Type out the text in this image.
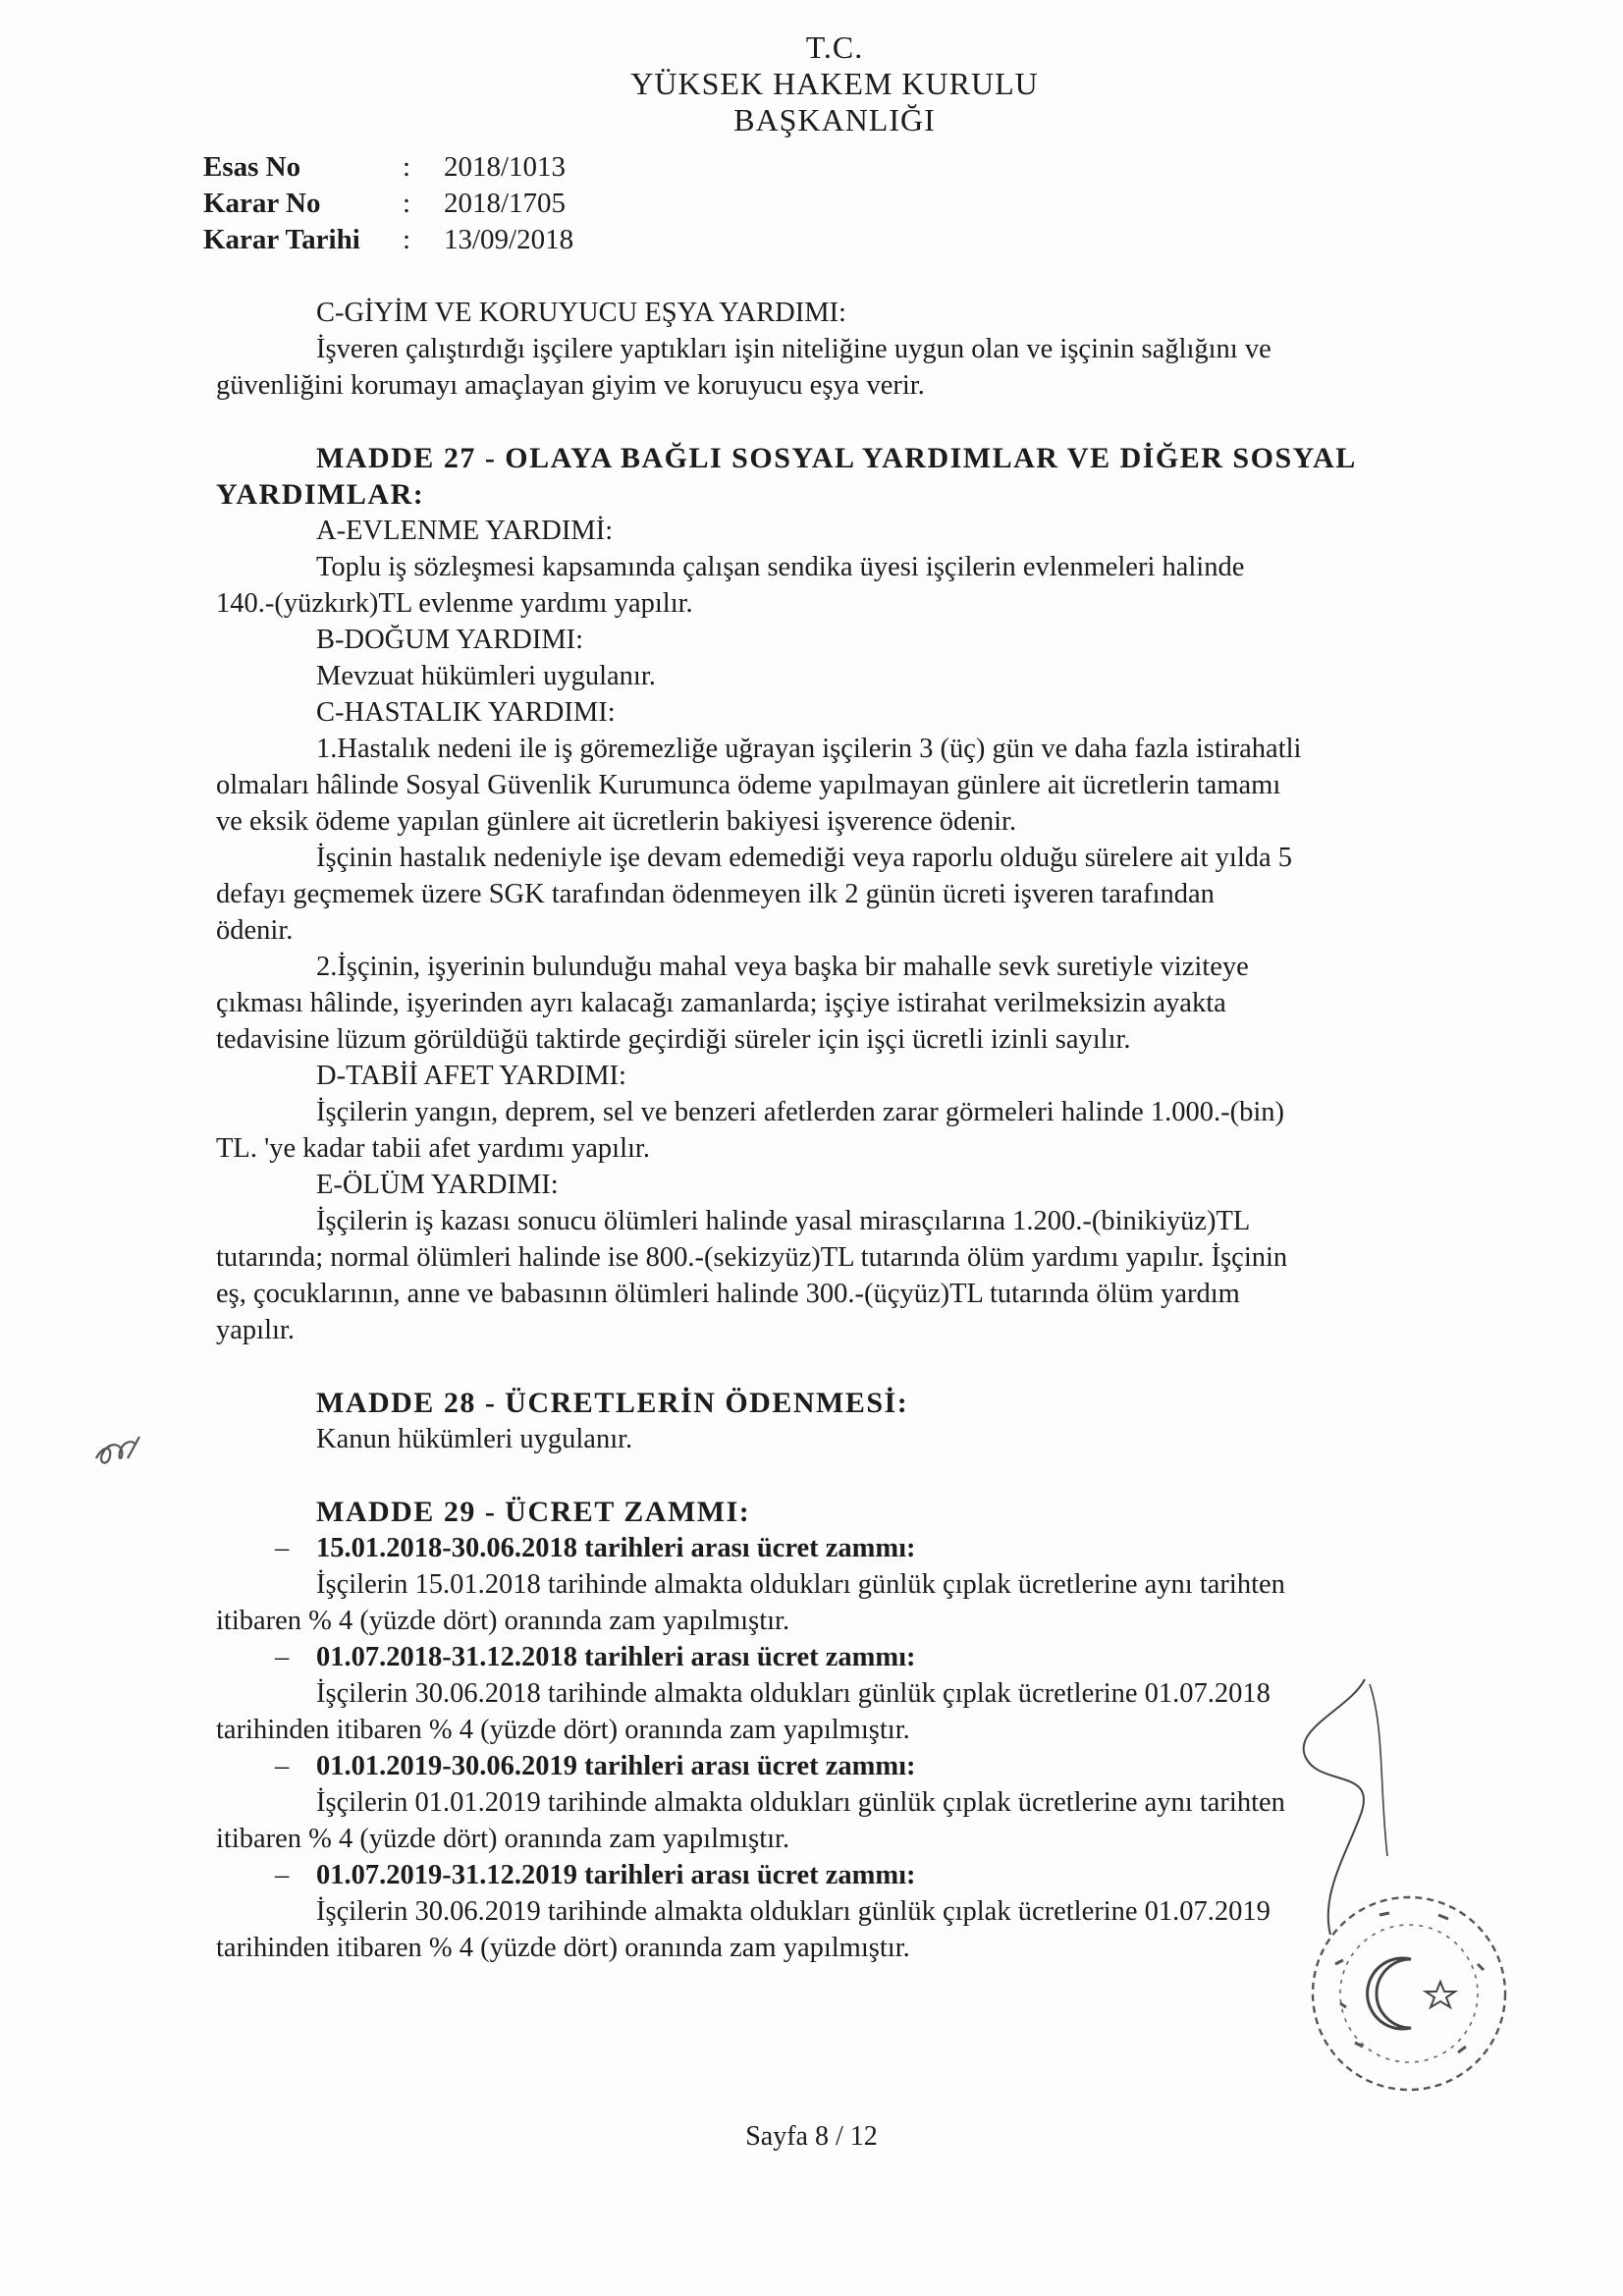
T.C.
YÜKSEK HAKEM KURULU
BAŞKANLIĞI
Esas No	:	2018/1013
Karar No	:	2018/1705
Karar Tarihi	:	13/09/2018

C-GİYİM VE KORUYUCU EŞYA YARDIMI:

İşveren çalıştırdığı işçilere yaptıkları işin niteliğine uygun olan ve işçinin sağlığını ve

güvenliğini korumayı amaçlayan giyim ve koruyucu eşya verir.

MADDE 27 - OLAYA BAĞLI SOSYAL YARDIMLAR VE DİĞER SOSYAL

YARDIMLAR:

A-EVLENME YARDIMİ:

Toplu iş sözleşmesi kapsamında çalışan sendika üyesi işçilerin evlenmeleri halinde

140.-(yüzkırk)TL evlenme yardımı yapılır.

B-DOĞUM YARDIMI:

Mevzuat hükümleri uygulanır.

C-HASTALIK YARDIMI:

1.Hastalık nedeni ile iş göremezliğe uğrayan işçilerin 3 (üç) gün ve daha fazla istirahatli

olmaları hâlinde Sosyal Güvenlik Kurumunca ödeme yapılmayan günlere ait ücretlerin tamamı

ve eksik ödeme yapılan günlere ait ücretlerin bakiyesi işverence ödenir.

İşçinin hastalık nedeniyle işe devam edemediği veya raporlu olduğu sürelere ait yılda 5

defayı geçmemek üzere SGK tarafından ödenmeyen ilk 2 günün ücreti işveren tarafından

ödenir.

2.İşçinin, işyerinin bulunduğu mahal veya başka bir mahalle sevk suretiyle viziteye

çıkması hâlinde, işyerinden ayrı kalacağı zamanlarda; işçiye istirahat verilmeksizin ayakta

tedavisine lüzum görüldüğü taktirde geçirdiği süreler için işçi ücretli izinli sayılır.

D-TABİİ AFET YARDIMI:

İşçilerin yangın, deprem, sel ve benzeri afetlerden zarar görmeleri halinde 1.000.-(bin)

TL. 'ye kadar tabii afet yardımı yapılır.

E-ÖLÜM YARDIMI:

İşçilerin iş kazası sonucu ölümleri halinde yasal mirasçılarına 1.200.-(binikiyüz)TL

tutarında; normal ölümleri halinde ise 800.-(sekizyüz)TL tutarında ölüm yardımı yapılır. İşçinin

eş, çocuklarının, anne ve babasının ölümleri halinde 300.-(üçyüz)TL tutarında ölüm yardım

yapılır.

MADDE 28 - ÜCRETLERİN ÖDENMESİ:

Kanun hükümleri uygulanır.

MADDE 29 - ÜCRET ZAMMI:

– 15.01.2018-30.06.2018 tarihleri arası ücret zammı:

İşçilerin 15.01.2018 tarihinde almakta oldukları günlük çıplak ücretlerine aynı tarihten

itibaren % 4 (yüzde dört) oranında zam yapılmıştır.

– 01.07.2018-31.12.2018 tarihleri arası ücret zammı:

İşçilerin 30.06.2018 tarihinde almakta oldukları günlük çıplak ücretlerine 01.07.2018

tarihinden itibaren % 4 (yüzde dört) oranında zam yapılmıştır.

– 01.01.2019-30.06.2019 tarihleri arası ücret zammı:

İşçilerin 01.01.2019 tarihinde almakta oldukları günlük çıplak ücretlerine aynı tarihten

itibaren % 4 (yüzde dört) oranında zam yapılmıştır.

– 01.07.2019-31.12.2019 tarihleri arası ücret zammı:

İşçilerin 30.06.2019 tarihinde almakta oldukları günlük çıplak ücretlerine 01.07.2019

tarihinden itibaren % 4 (yüzde dört) oranında zam yapılmıştır.

Sayfa 8 / 12
